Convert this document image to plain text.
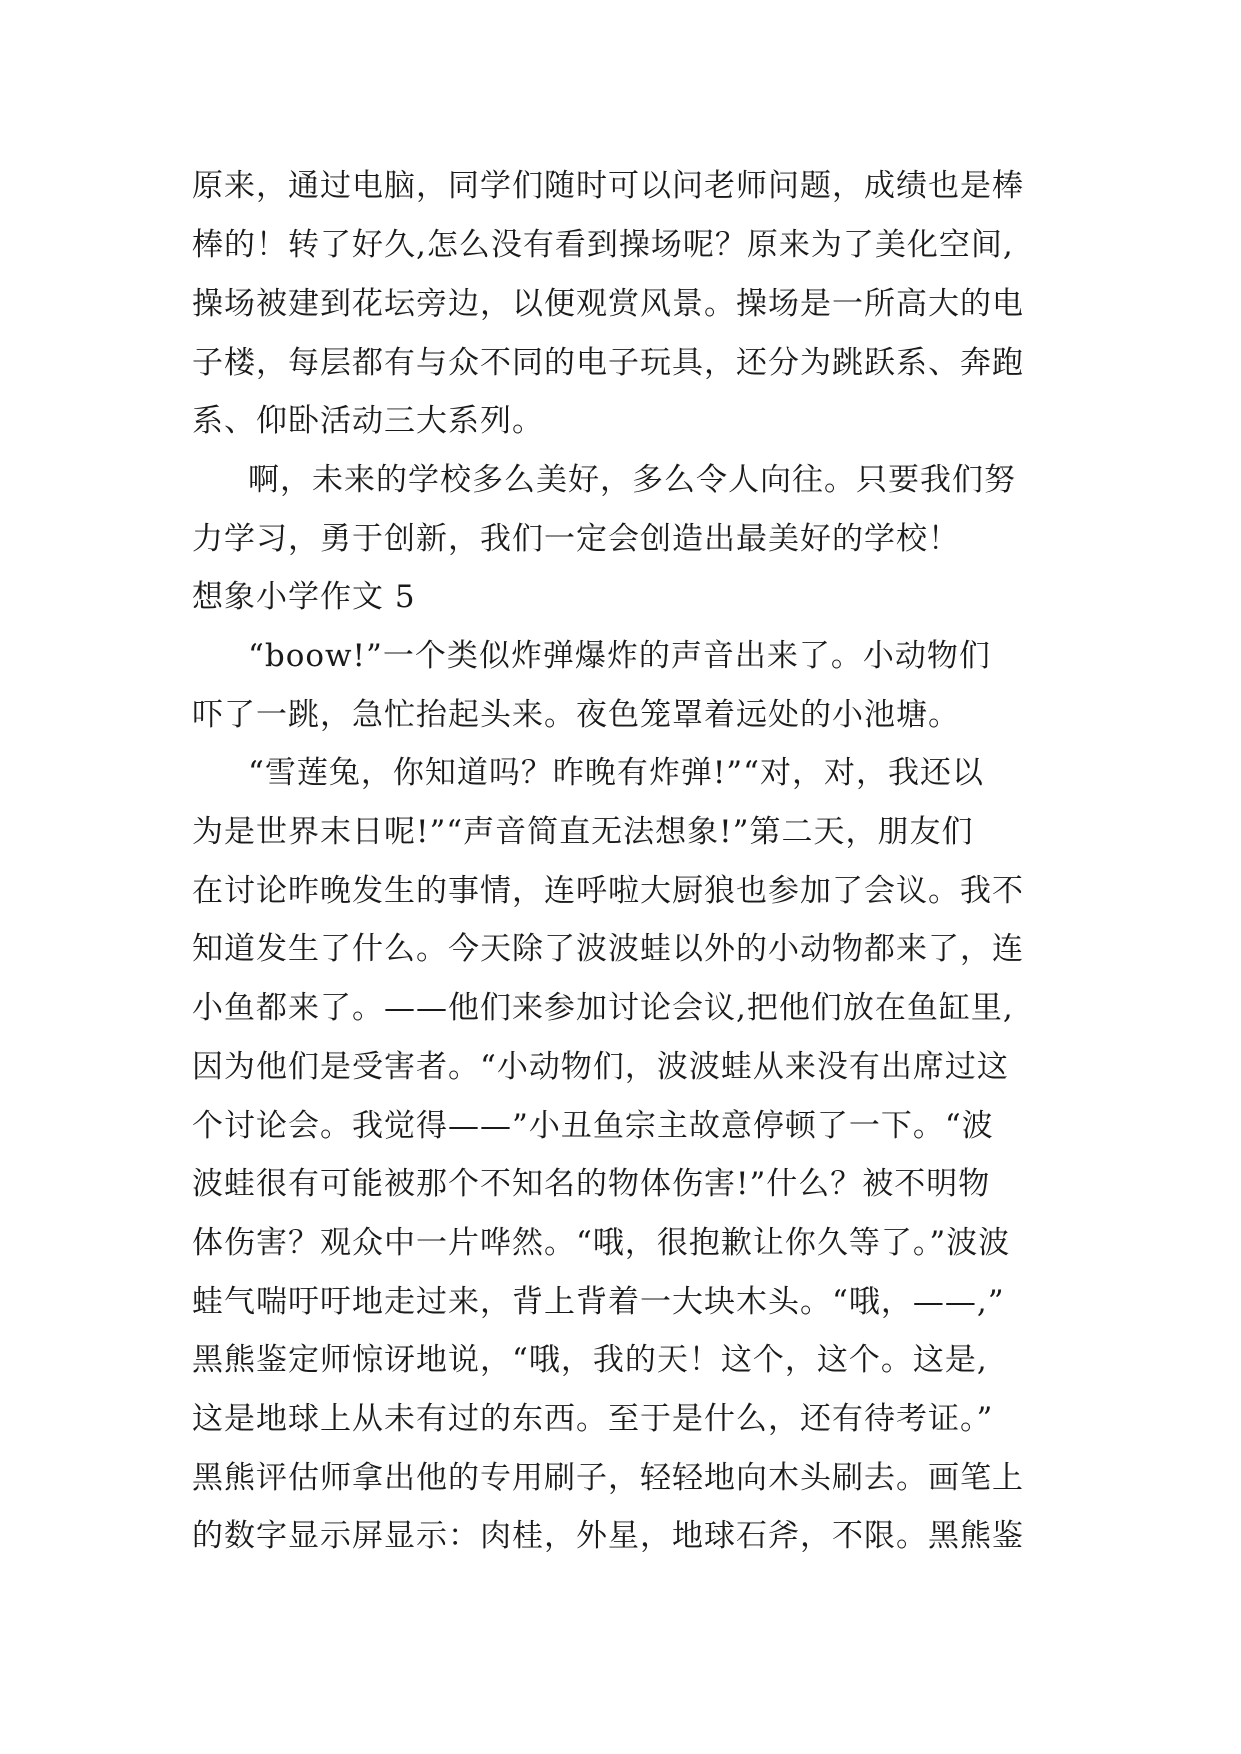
原来，通过电脑，同学们随时可以问老师问题，成绩也是棒
棒的！转了好久,怎么没有看到操场呢？原来为了美化空间,
操场被建到花坛旁边，以便观赏风景。操场是一所高大的电
子楼，每层都有与众不同的电子玩具，还分为跳跃系、奔跑
系、仰卧活动三大系列。
啊，未来的学校多么美好，多么令人向往。只要我们努
力学习，勇于创新，我们一定会创造出最美好的学校！
想象小学作文 5
“boow!”一个类似炸弹爆炸的声音出来了。小动物们
吓了一跳，急忙抬起头来。夜色笼罩着远处的小池塘。
“雪莲兔，你知道吗？昨晚有炸弹!”“对，对，我还以
为是世界末日呢!”“声音简直无法想象!”第二天，朋友们
在讨论昨晚发生的事情，连呼啦大厨狼也参加了会议。我不
知道发生了什么。今天除了波波蛙以外的小动物都来了，连
小鱼都来了。——他们来参加讨论会议,把他们放在鱼缸里,
因为他们是受害者。“小动物们，波波蛙从来没有出席过这
个讨论会。我觉得——”小丑鱼宗主故意停顿了一下。“波
波蛙很有可能被那个不知名的物体伤害!”什么？被不明物
体伤害？观众中一片哗然。“哦，很抱歉让你久等了。”波波
蛙气喘吁吁地走过来，背上背着一大块木头。“哦，——,”
黑熊鉴定师惊讶地说，“哦，我的天！这个，这个。这是,
这是地球上从未有过的东西。至于是什么，还有待考证。”
黑熊评估师拿出他的专用刷子，轻轻地向木头刷去。画笔上
的数字显示屏显示：肉桂，外星，地球石斧，不限。黑熊鉴
